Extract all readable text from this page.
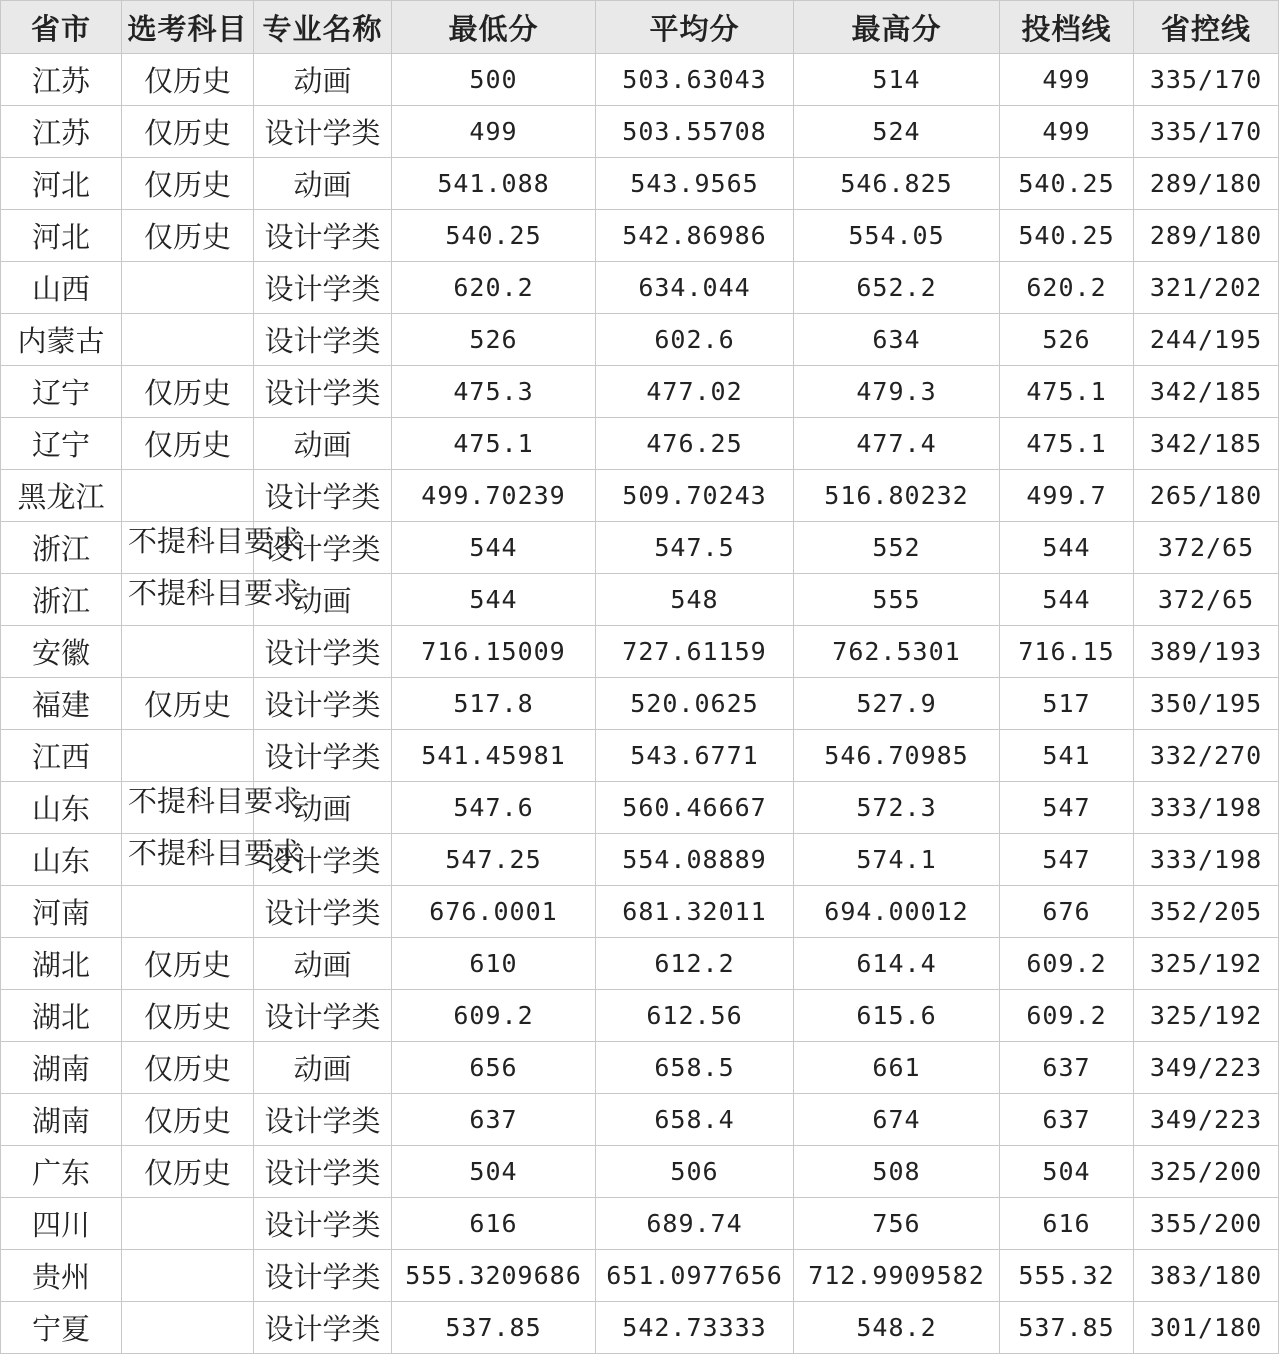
省市	选考科目	专业名称	最低分	平均分	最高分	投档线	省控线
江苏	仅历史	动画	500	503.63043	514	499	335/170
江苏	仅历史	设计学类	499	503.55708	524	499	335/170
河北	仅历史	动画	541.088	543.9565	546.825	540.25	289/180
河北	仅历史	设计学类	540.25	542.86986	554.05	540.25	289/180
山西		设计学类	620.2	634.044	652.2	620.2	321/202
内蒙古		设计学类	526	602.6	634	526	244/195
辽宁	仅历史	设计学类	475.3	477.02	479.3	475.1	342/185
辽宁	仅历史	动画	475.1	476.25	477.4	475.1	342/185
黑龙江		设计学类	499.70239	509.70243	516.80232	499.7	265/180
浙江	不提科目要求	设计学类	544	547.5	552	544	372/65
浙江	不提科目要求	动画	544	548	555	544	372/65
安徽		设计学类	716.15009	727.61159	762.5301	716.15	389/193
福建	仅历史	设计学类	517.8	520.0625	527.9	517	350/195
江西		设计学类	541.45981	543.6771	546.70985	541	332/270
山东	不提科目要求	动画	547.6	560.46667	572.3	547	333/198
山东	不提科目要求	设计学类	547.25	554.08889	574.1	547	333/198
河南		设计学类	676.0001	681.32011	694.00012	676	352/205
湖北	仅历史	动画	610	612.2	614.4	609.2	325/192
湖北	仅历史	设计学类	609.2	612.56	615.6	609.2	325/192
湖南	仅历史	动画	656	658.5	661	637	349/223
湖南	仅历史	设计学类	637	658.4	674	637	349/223
广东	仅历史	设计学类	504	506	508	504	325/200
四川		设计学类	616	689.74	756	616	355/200
贵州		设计学类	555.3209686	651.0977656	712.9909582	555.32	383/180
宁夏		设计学类	537.85	542.73333	548.2	537.85	301/180
